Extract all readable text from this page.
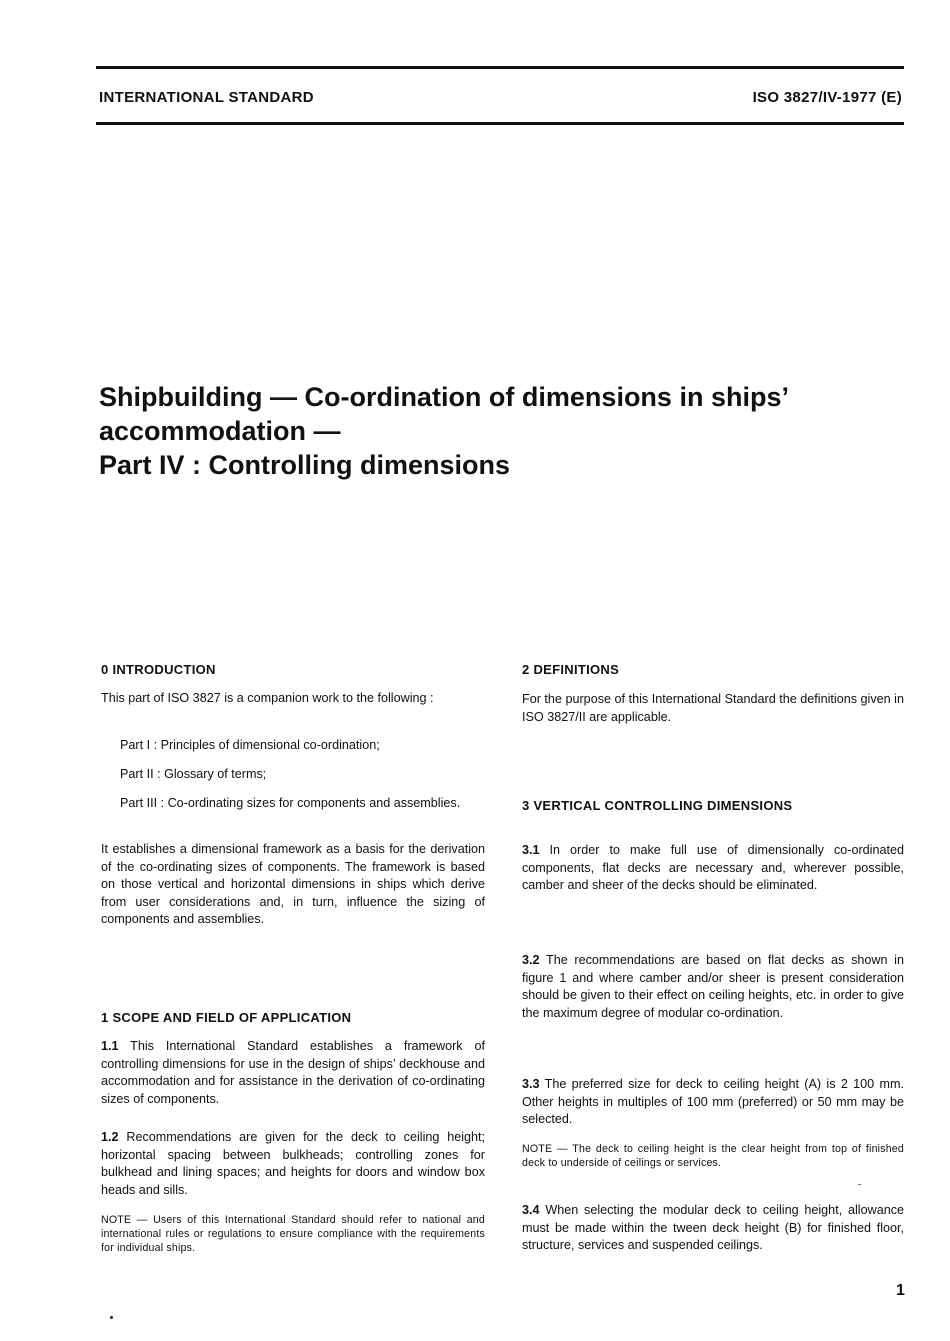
INTERNATIONAL STANDARD	ISO 3827/IV-1977 (E)
Shipbuilding — Co-ordination of dimensions in ships’
accommodation —
Part IV : Controlling dimensions

0 INTRODUCTION

This part of ISO 3827 is a companion work to the following :

Part I : Principles of dimensional co-ordination;

Part II : Glossary of terms;

Part III : Co-ordinating sizes for components and assemblies.

It establishes a dimensional framework as a basis for the derivation of the co-ordinating sizes of components. The framework is based on those vertical and horizontal dimensions in ships which derive from user considerations and, in turn, influence the sizing of components and assemblies.

1 SCOPE AND FIELD OF APPLICATION

1.1 This International Standard establishes a framework of controlling dimensions for use in the design of ships’ deckhouse and accommodation and for assistance in the derivation of co-ordinating sizes of components.

1.2 Recommendations are given for the deck to ceiling height; horizontal spacing between bulkheads; controlling zones for bulkhead and lining spaces; and heights for doors and window box heads and sills.

NOTE — Users of this International Standard should refer to national and international rules or regulations to ensure compliance with the requirements for individual ships.

2 DEFINITIONS

For the purpose of this International Standard the definitions given in ISO 3827/II are applicable.

3 VERTICAL CONTROLLING DIMENSIONS

3.1 In order to make full use of dimensionally co-ordinated components, flat decks are necessary and, wherever possible, camber and sheer of the decks should be eliminated.

3.2 The recommendations are based on flat decks as shown in figure 1 and where camber and/or sheer is present consideration should be given to their effect on ceiling heights, etc. in order to give the maximum degree of modular co-ordination.

3.3 The preferred size for deck to ceiling height (A) is 2 100 mm. Other heights in multiples of 100 mm (preferred) or 50 mm may be selected.

NOTE — The deck to ceiling height is the clear height from top of finished deck to underside of ceilings or services.

3.4 When selecting the modular deck to ceiling height, allowance must be made within the tween deck height (B) for finished floor, structure, services and suspended ceilings.

1
